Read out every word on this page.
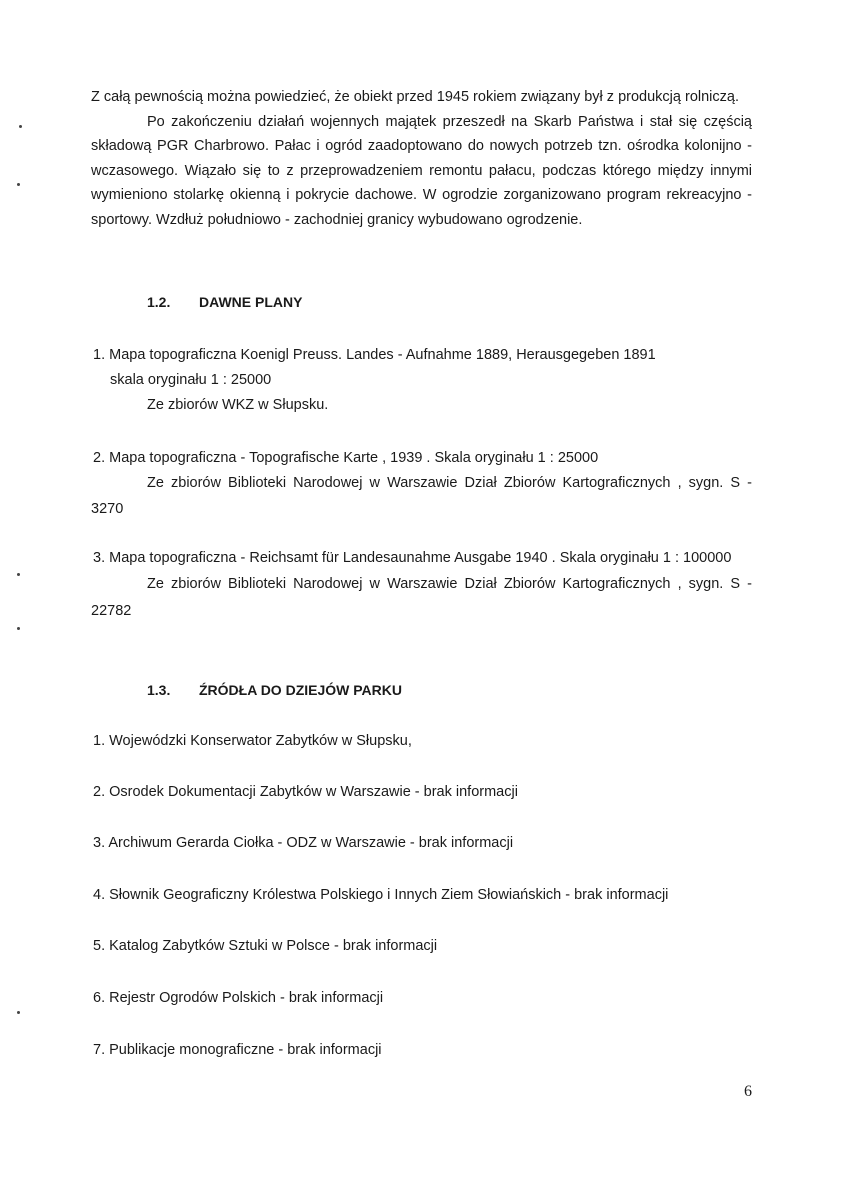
Z całą pewnością można powiedzieć, że obiekt przed 1945 rokiem związany był z produkcją rolniczą.
Po zakończeniu działań wojennych majątek przeszedł na Skarb Państwa i stał się częścią
składową PGR Charbrowo. Pałac i ogród zaadoptowano do nowych potrzeb tzn. ośrodka kolonijno -
wczasowego. Wiązało się to z przeprowadzeniem remontu pałacu, podczas którego między innymi
wymieniono stolarkę okienną i pokrycie dachowe. W ogrodzie zorganizowano program rekreacyjno -
sportowy. Wzdłuż południowo - zachodniej granicy wybudowano ogrodzenie.
1.2. DAWNE PLANY
1. Mapa topograficzna Koenigl Preuss. Landes - Aufnahme 1889, Herausgegeben 1891
skala oryginału 1 : 25000
Ze zbiorów WKZ w Słupsku.
2. Mapa topograficzna - Topografische Karte , 1939 . Skala oryginału 1 : 25000
Ze zbiorów Biblioteki Narodowej w Warszawie Dział Zbiorów Kartograficznych , sygn. S -
3270
3. Mapa topograficzna - Reichsamt für Landesaunahme Ausgabe 1940 . Skala oryginału 1 : 100000
Ze zbiorów Biblioteki Narodowej w Warszawie Dział Zbiorów Kartograficznych , sygn. S -
22782
1.3. ŹRÓDŁA DO DZIEJÓW PARKU
1. Wojewódzki Konserwator Zabytków w Słupsku,
2. Osrodek Dokumentacji Zabytków w Warszawie - brak informacji
3. Archiwum Gerarda Ciołka - ODZ w Warszawie - brak informacji
4. Słownik Geograficzny Królestwa Polskiego i Innych Ziem Słowiańskich - brak informacji
5. Katalog Zabytków Sztuki w Polsce - brak informacji
6. Rejestr Ogrodów Polskich - brak informacji
7. Publikacje monograficzne - brak informacji
6
